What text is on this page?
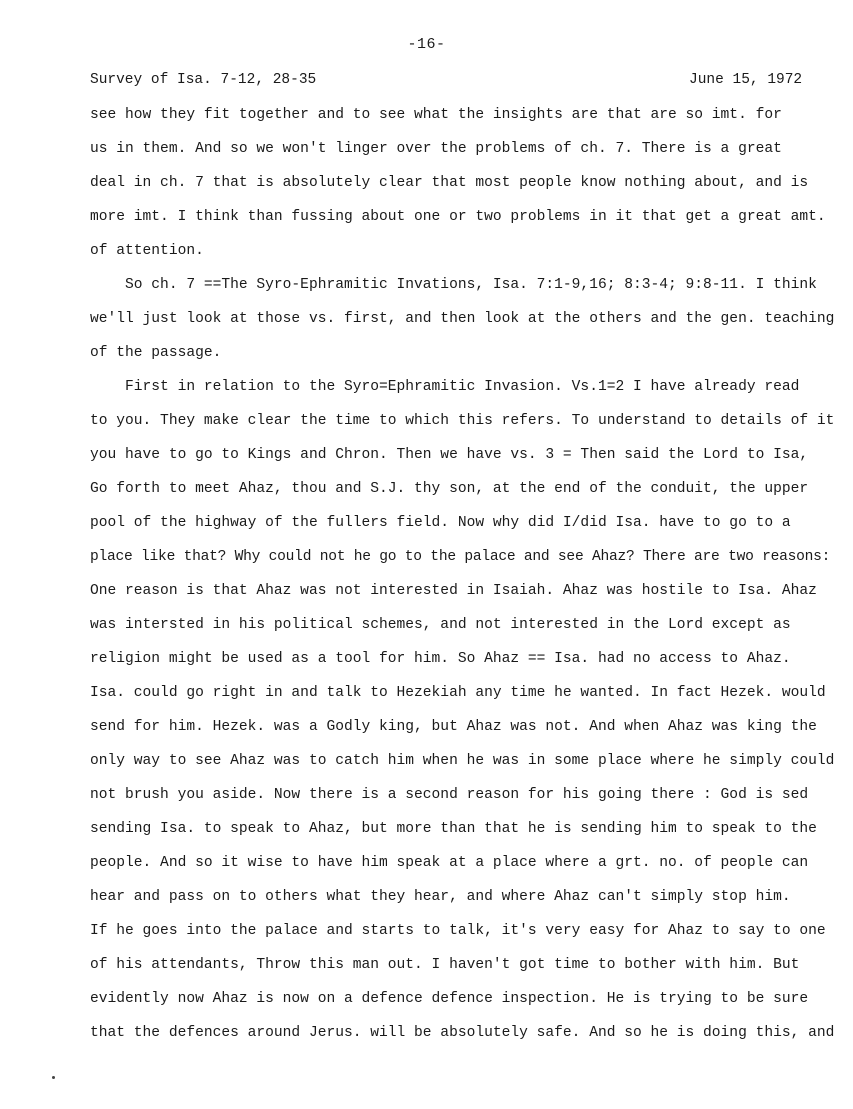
-16-
Survey of Isa. 7-12, 28-35	June 15, 1972
see how they fit together and to see what the insights are that are so imt. for
us in them. And so we won't linger over the problems of ch. 7. There is a great
deal in ch. 7 that is absolutely clear that most people know nothing about, and is
more imt. I think than fussing about one or two problems in it that get a great amt.
of attention.
So ch. 7 ==The Syro-Ephramitic Invations, Isa. 7:1-9,16; 8:3-4; 9:8-11. I think
we'll just look at those vs. first, and then look at the others and the gen. teaching
of the passage.
First in relation to the Syro=Ephramitic Invasion. Vs.1=2 I have already read
to you. They make clear the time to which this refers. To understand to details of it
you have to go to Kings and Chron. Then we have vs. 3 = Then said the Lord to Isa,
Go forth to meet Ahaz, thou and S.J. thy son, at the end of the conduit, the upper
pool of the highway of the fullers field. Now why did I/did Isa. have to go to a
place like that? Why could not he go to the palace and see Ahaz? There are two reasons:
One reason is that Ahaz was not interested in Isaiah. Ahaz was hostile to Isa. Ahaz
was intersted in his political schemes, and not interested in the Lord except as
religion might be used as a tool for him. So Ahaz == Isa. had no access to Ahaz.
Isa. could go right in and talk to Hezekiah any time he wanted. In fact Hezek. would
send for him. Hezek. was a Godly king, but Ahaz was not. And when Ahaz was king the
only way to see Ahaz was to catch him when he was in some place where he simply could
not brush you aside. Now there is a second reason for his going there : God is sed
sending Isa. to speak to Ahaz, but more than that he is sending him to speak to the
people. And so it wise to have him speak at a place where a grt. no. of people can
hear and pass on to others what they hear, and where Ahaz can't simply stop him.
If he goes into the palace and starts to talk, it's very easy for Ahaz to say to one
of his attendants, Throw this man out. I haven't got time to bother with him. But
evidently now Ahaz is now on a defence defence inspection. He is trying to be sure
that the defences around Jerus. will be absolutely safe. And so he is doing this, and
